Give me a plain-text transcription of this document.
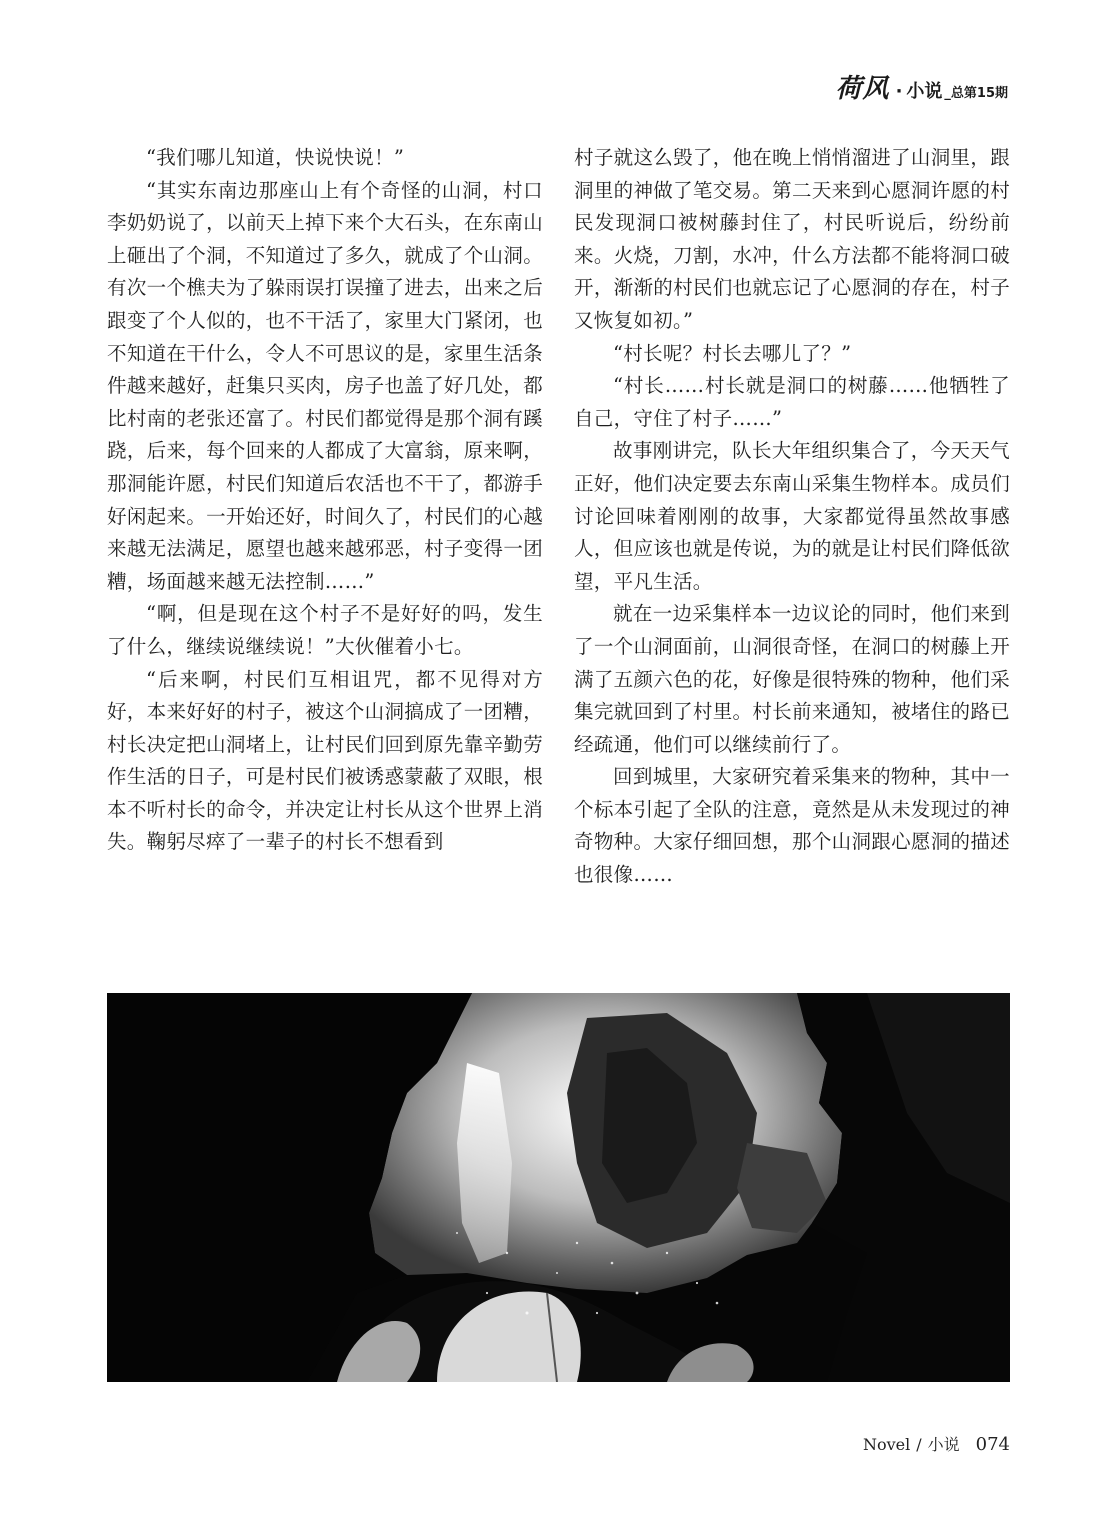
荷风 · 小说 _总第15期

“我们哪儿知道，快说快说！”

“其实东南边那座山上有个奇怪的山洞，村口李奶奶说了，以前天上掉下来个大石头，在东南山上砸出了个洞，不知道过了多久，就成了个山洞。有次一个樵夫为了躲雨误打误撞了进去，出来之后跟变了个人似的，也不干活了，家里大门紧闭，也不知道在干什么，令人不可思议的是，家里生活条件越来越好，赶集只买肉，房子也盖了好几处，都比村南的老张还富了。村民们都觉得是那个洞有蹊跷，后来，每个回来的人都成了大富翁，原来啊，那洞能许愿，村民们知道后农活也不干了，都游手好闲起来。一开始还好，时间久了，村民们的心越来越无法满足，愿望也越来越邪恶，村子变得一团糟，场面越来越无法控制……”

“啊，但是现在这个村子不是好好的吗，发生了什么，继续说继续说！”大伙催着小七。

“后来啊，村民们互相诅咒，都不见得对方好，本来好好的村子，被这个山洞搞成了一团糟，村长决定把山洞堵上，让村民们回到原先靠辛勤劳作生活的日子，可是村民们被诱惑蒙蔽了双眼，根本不听村长的命令，并决定让村长从这个世界上消失。鞠躬尽瘁了一辈子的村长不想看到

村子就这么毁了，他在晚上悄悄溜进了山洞里，跟洞里的神做了笔交易。第二天来到心愿洞许愿的村民发现洞口被树藤封住了，村民听说后，纷纷前来。火烧，刀割，水冲，什么方法都不能将洞口破开，渐渐的村民们也就忘记了心愿洞的存在，村子又恢复如初。”

“村长呢？村长去哪儿了？”

“村长……村长就是洞口的树藤……他牺牲了自己，守住了村子……”

故事刚讲完，队长大年组织集合了，今天天气正好，他们决定要去东南山采集生物样本。成员们讨论回味着刚刚的故事，大家都觉得虽然故事感人，但应该也就是传说，为的就是让村民们降低欲望，平凡生活。

就在一边采集样本一边议论的同时，他们来到了一个山洞面前，山洞很奇怪，在洞口的树藤上开满了五颜六色的花，好像是很特殊的物种，他们采集完就回到了村里。村长前来通知，被堵住的路已经疏通，他们可以继续前行了。

回到城里，大家研究着采集来的物种，其中一个标本引起了全队的注意，竟然是从未发现过的神奇物种。大家仔细回想，那个山洞跟心愿洞的描述也很像……

Novel / 小说 074
